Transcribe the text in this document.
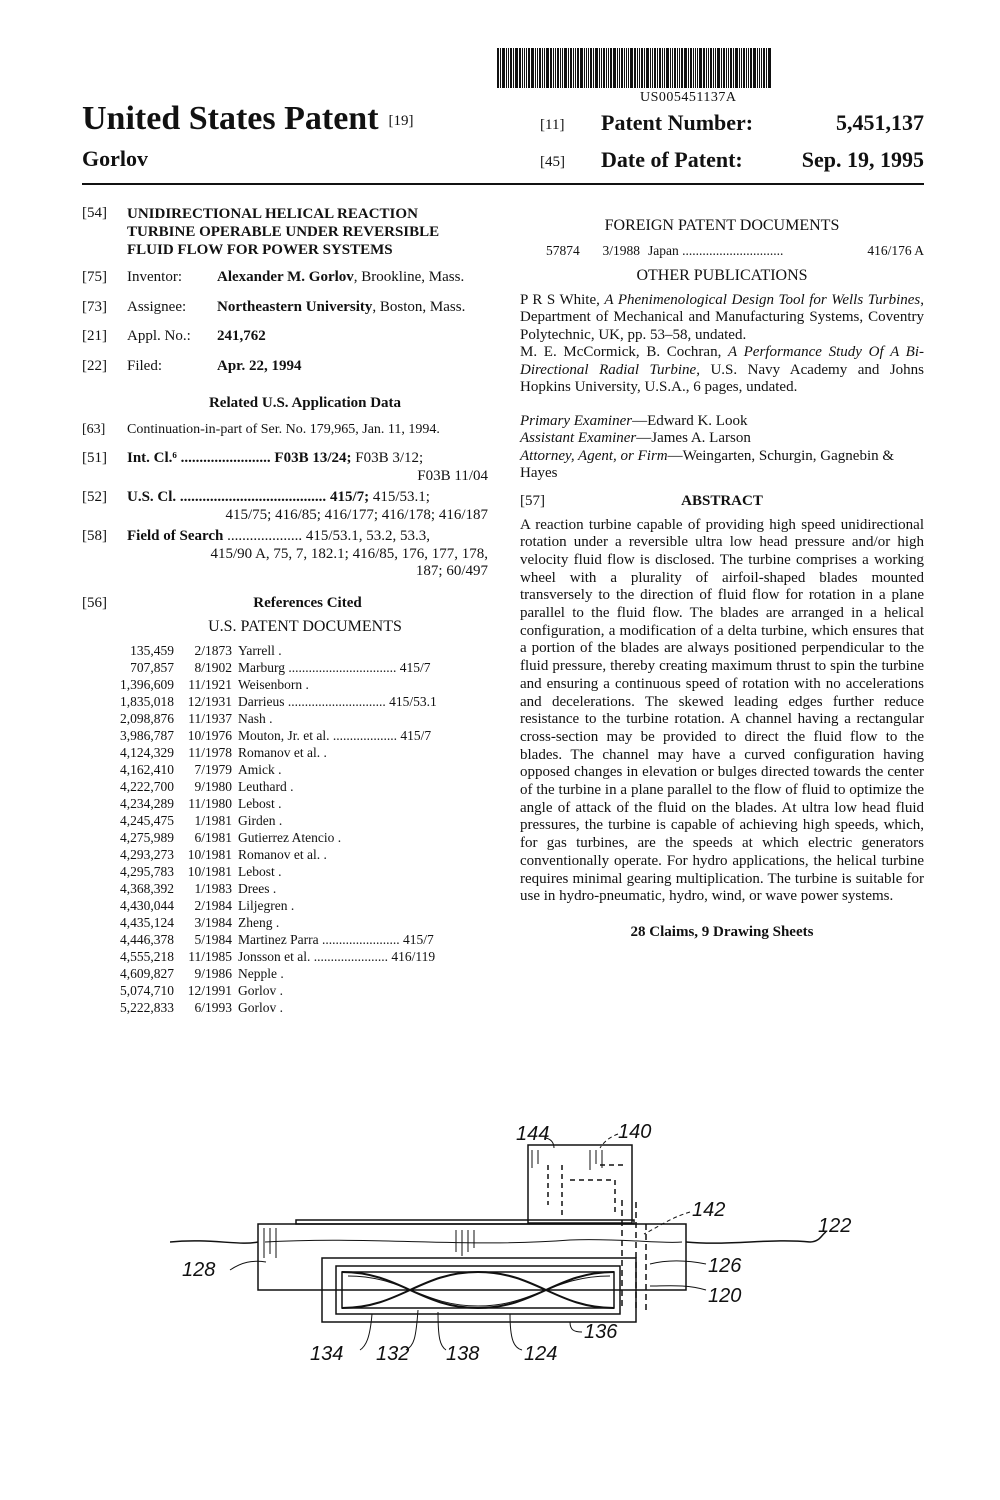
US005451137A
United States Patent [19]
Gorlov
[11] Patent Number:	5,451,137
[45] Date of Patent:	Sep. 19, 1995
[54]	UNIDIRECTIONAL HELICAL REACTION TURBINE OPERABLE UNDER REVERSIBLE FLUID FLOW FOR POWER SYSTEMS
[75]	Inventor:	Alexander M. Gorlov, Brookline, Mass.
[73]	Assignee:	Northeastern University, Boston, Mass.
[21]	Appl. No.:	241,762
[22]	Filed:	Apr. 22, 1994
Related U.S. Application Data
[63]	Continuation-in-part of Ser. No. 179,965, Jan. 11, 1994.
[51]	Int. Cl.⁶ ........................ F03B 13/24; F03B 3/12;
F03B 11/04
[52]	U.S. Cl. ....................................... 415/7; 415/53.1;
415/75; 416/85; 416/177; 416/178; 416/187
[58]	Field of Search .................... 415/53.1, 53.2, 53.3,
415/90 A, 75, 7, 182.1; 416/85, 176, 177, 178,
187; 60/497
[56]	References Cited
U.S. PATENT DOCUMENTS
135,459	2/1873 Yarrell .
707,857	8/1902 Marburg ................................ 415/7
1,396,609	11/1921 Weisenborn .
1,835,018	12/1931 Darrieus ............................. 415/53.1
2,098,876	11/1937 Nash .
3,986,787	10/1976 Mouton, Jr. et al. ................... 415/7
4,124,329	11/1978 Romanov et al. .
4,162,410	7/1979 Amick .
4,222,700	9/1980 Leuthard .
4,234,289	11/1980 Lebost .
4,245,475	1/1981 Girden .
4,275,989	6/1981 Gutierrez Atencio .
4,293,273	10/1981 Romanov et al. .
4,295,783	10/1981 Lebost .
4,368,392	1/1983 Drees .
4,430,044	2/1984 Liljegren .
4,435,124	3/1984 Zheng .
4,446,378	5/1984 Martinez Parra ....................... 415/7
4,555,218	11/1985 Jonsson et al. ...................... 416/119
4,609,827	9/1986 Nepple .
5,074,710	12/1991 Gorlov .
5,222,833	6/1993 Gorlov .
FOREIGN PATENT DOCUMENTS
57874	3/1988 Japan ..............................	416/176 A
OTHER PUBLICATIONS
P R S White, A Phenimenological Design Tool for Wells Turbines, Department of Mechanical and Manufacturing Systems, Coventry Polytechnic, UK, pp. 53–58, undated.
M. E. McCormick, B. Cochran, A Performance Study Of A Bi-Directional Radial Turbine, U.S. Navy Academy and Johns Hopkins University, U.S.A., 6 pages, undated.
Primary Examiner—Edward K. Look
Assistant Examiner—James A. Larson
Attorney, Agent, or Firm—Weingarten, Schurgin, Gagnebin & Hayes
[57]	ABSTRACT
A reaction turbine capable of providing high speed unidirectional rotation under a reversible ultra low head pressure and/or high velocity fluid flow is disclosed. The turbine comprises a working wheel with a plurality of airfoil-shaped blades mounted transversely to the direction of fluid flow for rotation in a plane parallel to the fluid flow. The blades are arranged in a helical configuration, a modification of a delta turbine, which ensures that a portion of the blades are always positioned perpendicular to the fluid pressure, thereby creating maximum thrust to spin the turbine and ensuring a continuous speed of rotation with no accelerations and decelerations. The skewed leading edges further reduce resistance to the turbine rotation. A channel having a rectangular cross-section may be provided to direct the fluid flow to the blades. The channel may have a curved configuration having opposed changes in elevation or bulges directed towards the center of the turbine in a plane parallel to the flow of fluid to optimize the angle of attack of the fluid on the blades. At ultra low head fluid pressures, the turbine is capable of achieving high speeds, which, for gas turbines, are the speeds at which electric generators conventionally operate. For hydro applications, the helical turbine requires minimal gearing multiplication. The turbine is suitable for use in hydro-pneumatic, hydro, wind, or wave power systems.
28 Claims, 9 Drawing Sheets
144	140
142
122
128	126
120
136
134 132 138 124
